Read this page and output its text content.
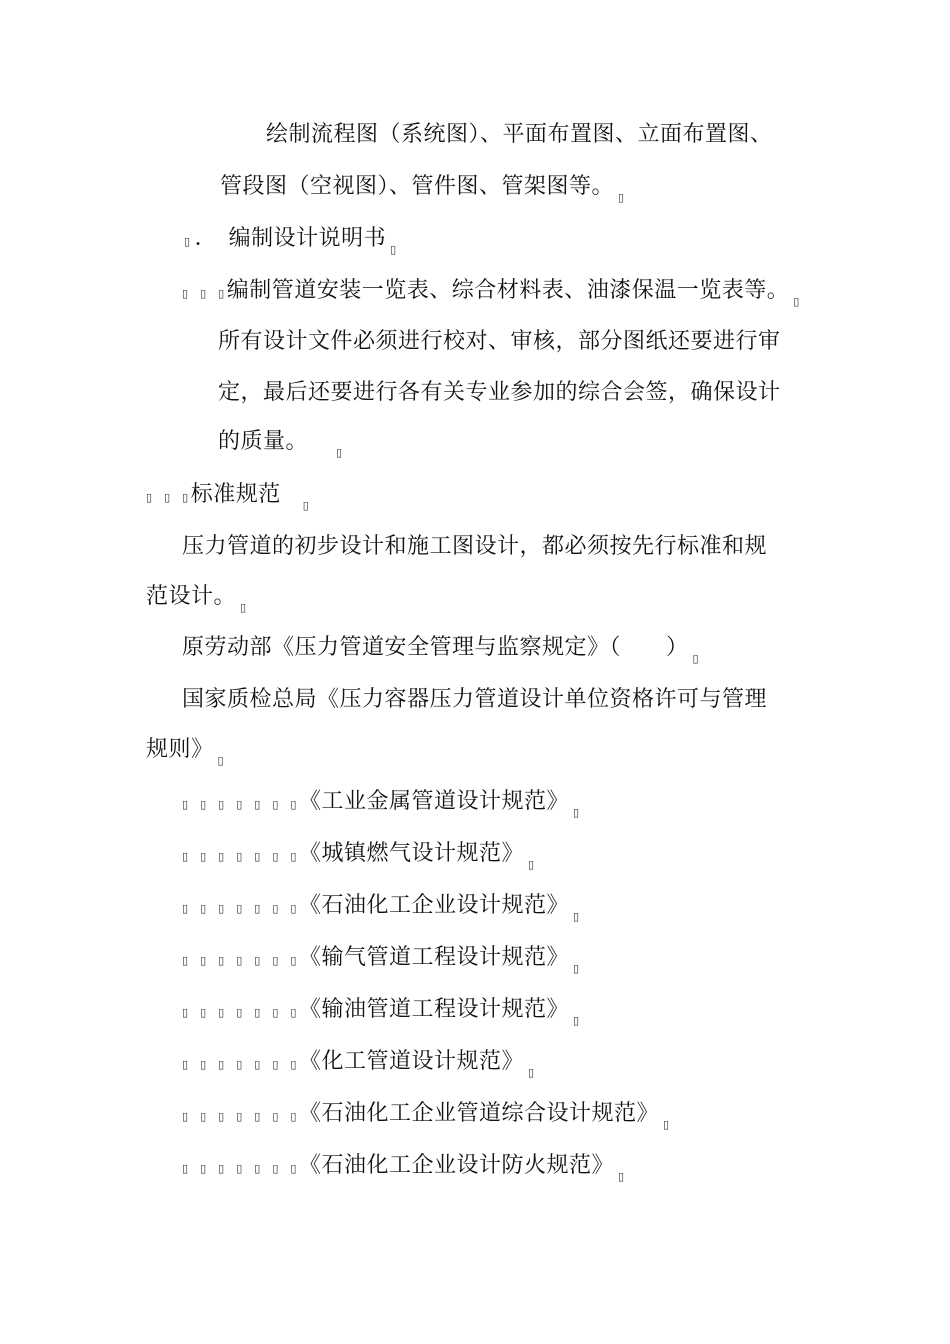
绘制流程图（系统图）、平面布置图、立面布置图、
管段图（空视图）、管件图、管架图等。 ▯
▯ ．　编制设计说明书 ▯
▯ ▯ ▯编制管道安装一览表、综合材料表、油漆保温一览表等。 ▯
所有设计文件必须进行校对、审核，部分图纸还要进行审
定，最后还要进行各有关专业参加的综合会签，确保设计
的质量。	▯
▯ ▯ ▯标准规范 ▯
压力管道的初步设计和施工图设计，都必须按先行标准和规
范设计。 ▯
原劳动部《压力管道安全管理与监察规定》（　　） ▯
国家质检总局《压力容器压力管道设计单位资格许可与管理
规则》 ▯
▯ ▯ ▯ ▯ ▯ ▯ ▯《工业金属管道设计规范》 ▯
▯ ▯ ▯ ▯ ▯ ▯ ▯《城镇燃气设计规范》 ▯
▯ ▯ ▯ ▯ ▯ ▯ ▯《石油化工企业设计规范》 ▯
▯ ▯ ▯ ▯ ▯ ▯ ▯《输气管道工程设计规范》 ▯
▯ ▯ ▯ ▯ ▯ ▯ ▯《输油管道工程设计规范》 ▯
▯ ▯ ▯ ▯ ▯ ▯ ▯《化工管道设计规范》 ▯
▯ ▯ ▯ ▯ ▯ ▯ ▯《石油化工企业管道综合设计规范》 ▯
▯ ▯ ▯ ▯ ▯ ▯ ▯《石油化工企业设计防火规范》 ▯
